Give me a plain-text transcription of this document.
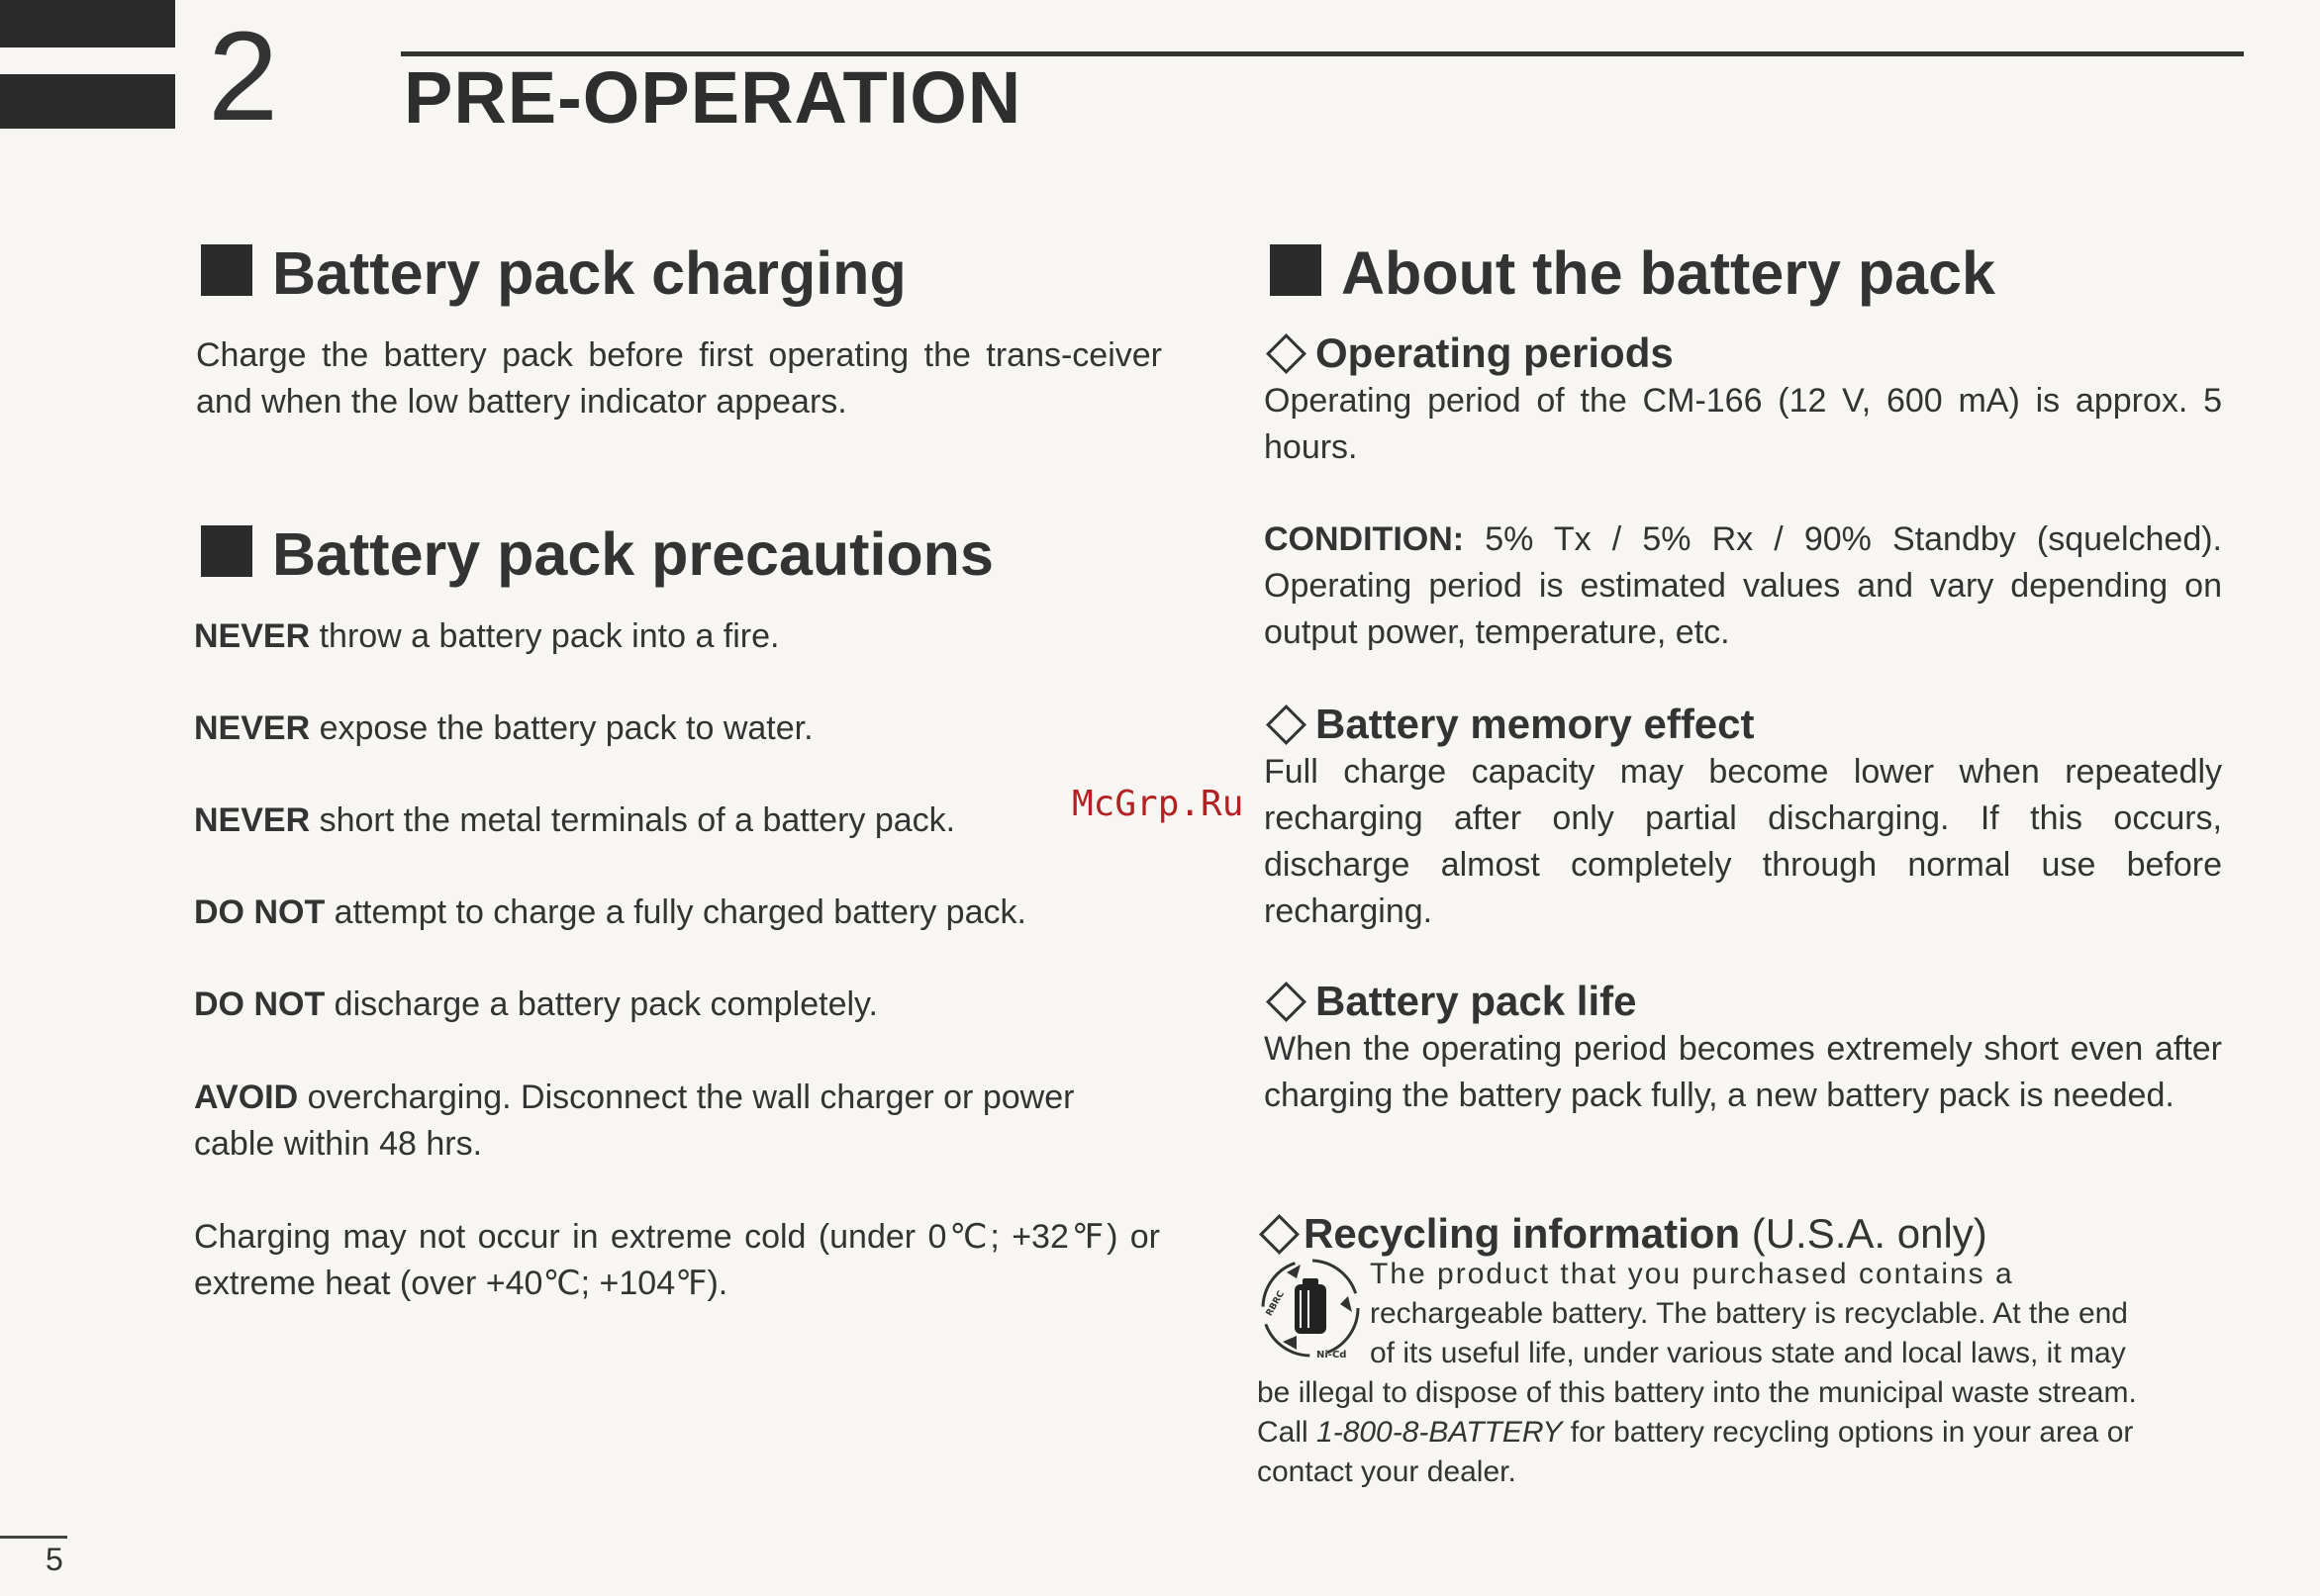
2 PRE-OPERATION
Battery pack charging
Charge the battery pack before first operating the trans-ceiver and when the low battery indicator appears.
Battery pack precautions
NEVER throw a battery pack into a fire.
NEVER expose the battery pack to water.
NEVER short the metal terminals of a battery pack.
DO NOT attempt to charge a fully charged battery pack.
DO NOT discharge a battery pack completely.
AVOID overcharging. Disconnect the wall charger or power cable within 48 hrs.
Charging may not occur in extreme cold (under 0℃; +32℉) or extreme heat (over +40℃; +104℉).
McGrp.Ru
About the battery pack
Operating periods
Operating period of the CM-166 (12 V, 600 mA) is approx. 5 hours.
CONDITION: 5% Tx / 5% Rx / 90% Standby (squelched). Operating period is estimated values and vary depending on output power, temperature, etc.
Battery memory effect
Full charge capacity may become lower when repeatedly recharging after only partial discharging. If this occurs, discharge almost completely through normal use before recharging.
Battery pack life
When the operating period becomes extremely short even after charging the battery pack fully, a new battery pack is needed.
Recycling information (U.S.A. only)
RBRC
Ni-Cd
The product that you purchased contains a
rechargeable battery. The battery is recyclable. At the end
of its useful life, under various state and local laws, it may
be illegal to dispose of this battery into the municipal waste stream.
Call 1-800-8-BATTERY for battery recycling options in your area or
contact your dealer.
5
